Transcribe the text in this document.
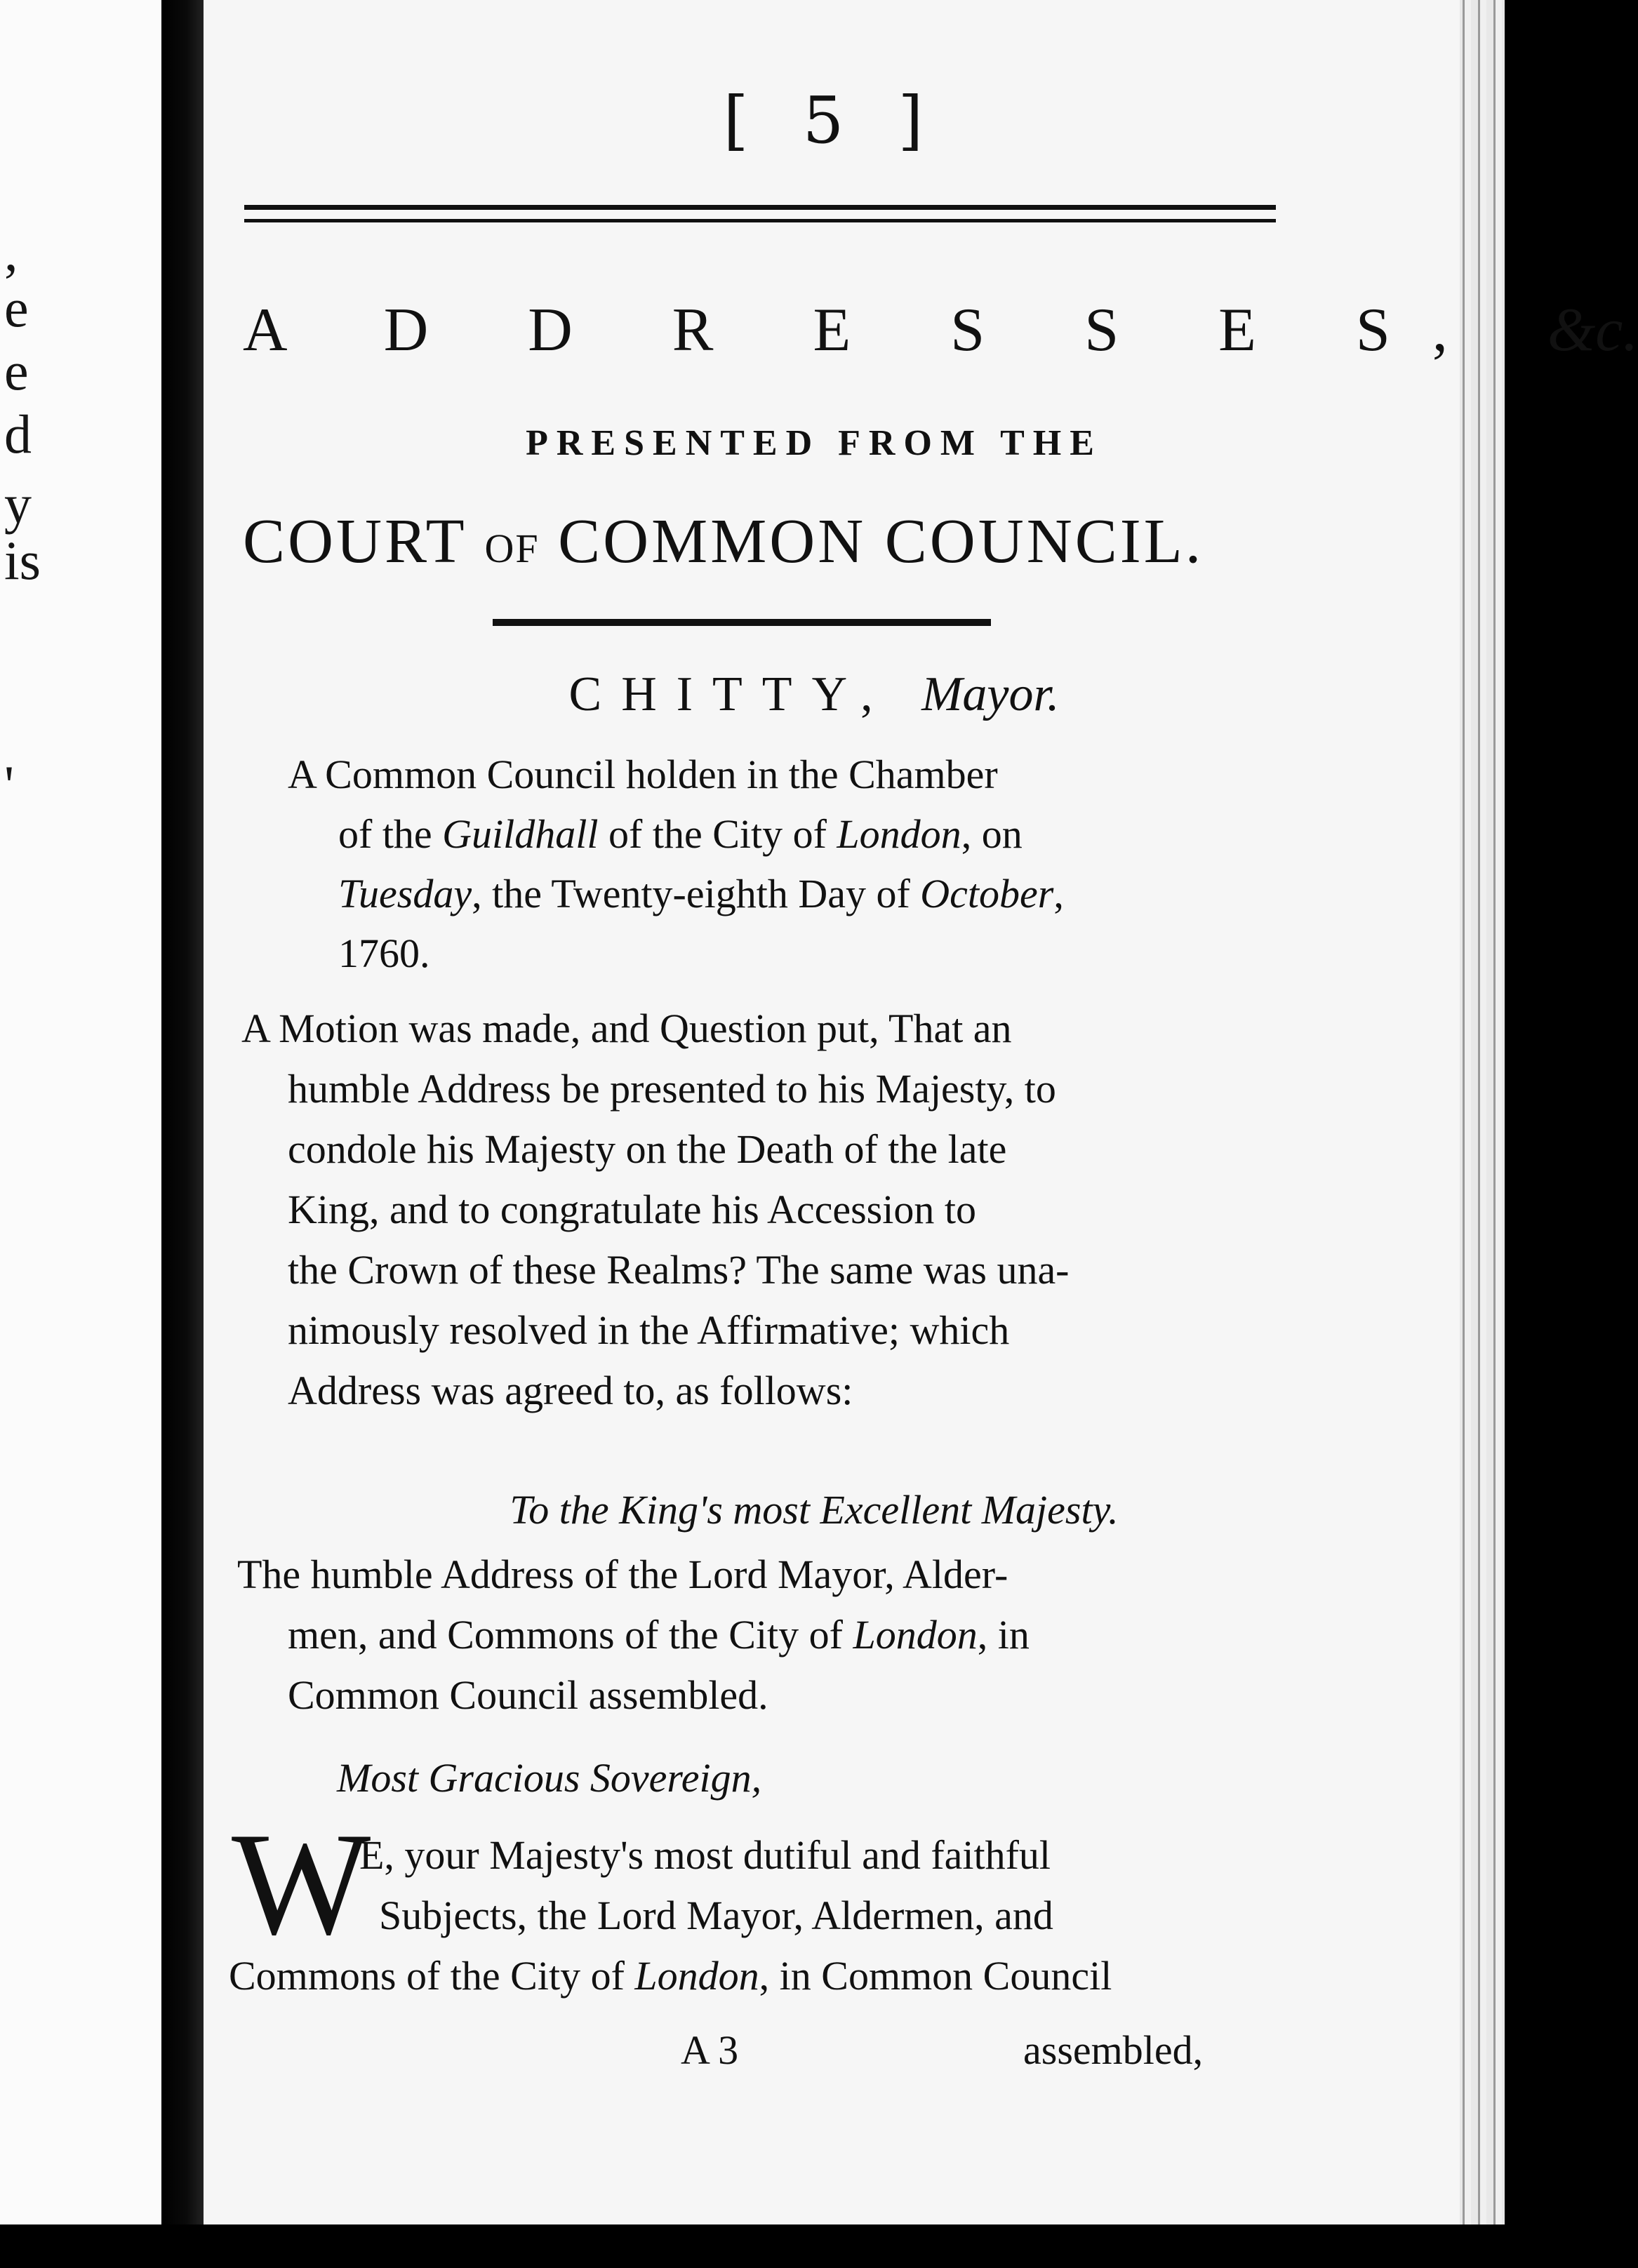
,
e
e
d
y
is
'
[ 5 ]
A D D R E S S E S, &c.
PRESENTED FROM THE
COURT OF COMMON COUNCIL.
CHITTY, Mayor.
A Common Council holden in the Chamber
of the Guildhall of the City of London, on
Tuesday, the Twenty-eighth Day of October,
1760.
A Motion was made, and Question put, That an
humble Address be presented to his Majesty, to
condole his Majesty on the Death of the late
King, and to congratulate his Accession to
the Crown of these Realms? The same was una-
nimously resolved in the Affirmative; which
Address was agreed to, as follows:
To the King's most Excellent Majesty.
The humble Address of the Lord Mayor, Alder-
men, and Commons of the City of London, in
Common Council assembled.
Most Gracious Sovereign,
W
E, your Majesty's most dutiful and faithful
Subjects, the Lord Mayor, Aldermen, and
Commons of the City of London, in Common Council
A 3	assembled,
